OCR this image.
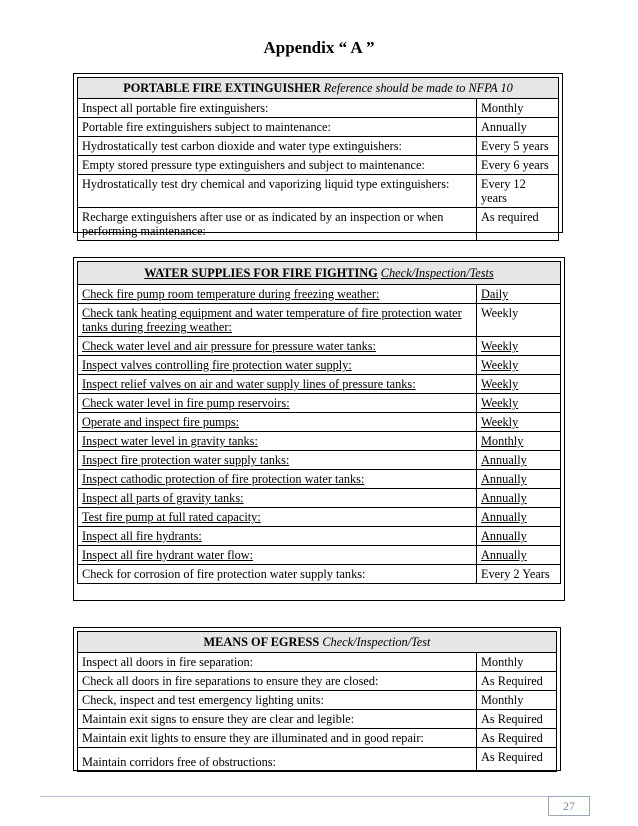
Appendix “ A ”
PORTABLE FIRE EXTINGUISHER Reference should be made to NFPA 10	
Inspect all portable fire extinguishers:	Monthly
Portable fire extinguishers subject to maintenance:	Annually
Hydrostatically test carbon dioxide and water type extinguishers:	Every 5 years
Empty stored pressure type extinguishers and subject to maintenance:	Every 6 years
Hydrostatically test dry chemical and vaporizing liquid type extinguishers:	Every 12 years
Recharge extinguishers after use or as indicated by an inspection or when performing maintenance:	As required
WATER SUPPLIES FOR FIRE FIGHTING Check/Inspection/Tests	
Check fire pump room temperature during freezing weather:	Daily
Check tank heating equipment and water temperature of fire protection water tanks during freezing weather:	Weekly
Check water level and air pressure for pressure water tanks:	Weekly
Inspect valves controlling fire protection water supply:	Weekly
Inspect relief valves on air and water supply lines of pressure tanks:	Weekly
Check water level in fire pump reservoirs:	Weekly
Operate and inspect fire pumps:	Weekly
Inspect water level in gravity tanks:	Monthly
Inspect fire protection water supply tanks:	Annually
Inspect cathodic protection of fire protection water tanks:	Annually
Inspect all parts of gravity tanks:	Annually
Test fire pump at full rated capacity:	Annually
Inspect all fire hydrants:	Annually
Inspect all fire hydrant water flow:	Annually
Check for corrosion of fire protection water supply tanks:	Every 2 Years
MEANS OF EGRESS Check/Inspection/Test	
Inspect all doors in fire separation:	Monthly
Check all doors in fire separations to ensure they are closed:	As Required
Check, inspect and test emergency lighting units:	Monthly
Maintain exit signs to ensure they are clear and legible:	As Required
Maintain exit lights to ensure they are illuminated and in good repair:	As Required
Maintain corridors free of obstructions:	As Required
27
